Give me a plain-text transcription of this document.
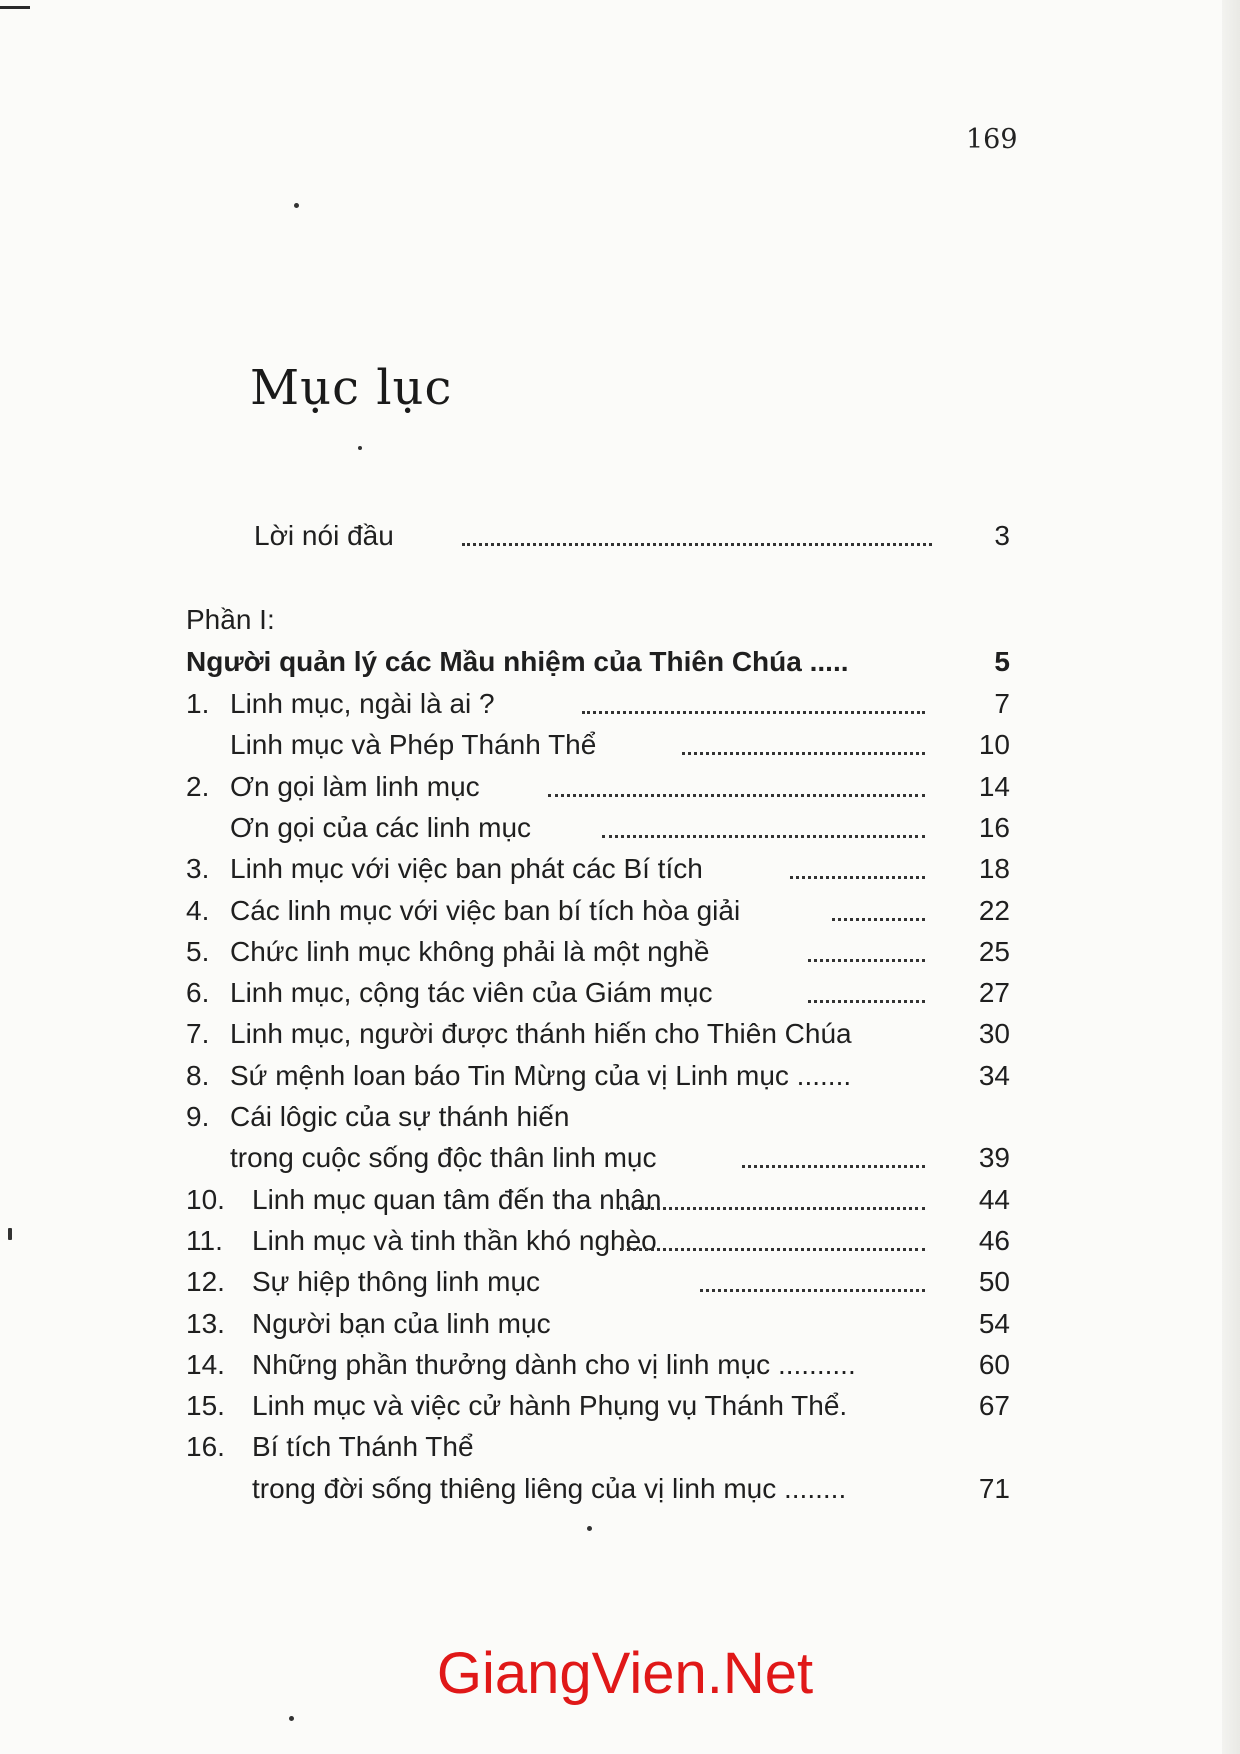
169
Mục lục
Lời nói đầu	3
Phần I:
Người quản lý các Mầu nhiệm của Thiên Chúa .....	5
1. Linh mục, ngài là ai ?	7
Linh mục và Phép Thánh Thể	10
2. Ơn gọi làm linh mục	14
Ơn gọi của các linh mục	16
3. Linh mục với việc ban phát các Bí tích	18
4. Các linh mục với việc ban bí tích hòa giải	22
5. Chức linh mục không phải là một nghề	25
6. Linh mục, cộng tác viên của Giám mục	27
7. Linh mục, người được thánh hiến cho Thiên Chúa	30
8. Sứ mệnh loan báo Tin Mừng của vị Linh mục .......	34
9. Cái lôgic của sự thánh hiến
trong cuộc sống độc thân linh mục	39
10. Linh mục quan tâm đến tha nhân	44
11. Linh mục và tinh thần khó nghèo	46
12. Sự hiệp thông linh mục	50
13. Người bạn của linh mục	54
14. Những phần thưởng dành cho vị linh mục ..........	60
15. Linh mục và việc cử hành Phụng vụ Thánh Thể.	67
16. Bí tích Thánh Thể
trong đời sống thiêng liêng của vị linh mục ........	71
GiangVien.Net
